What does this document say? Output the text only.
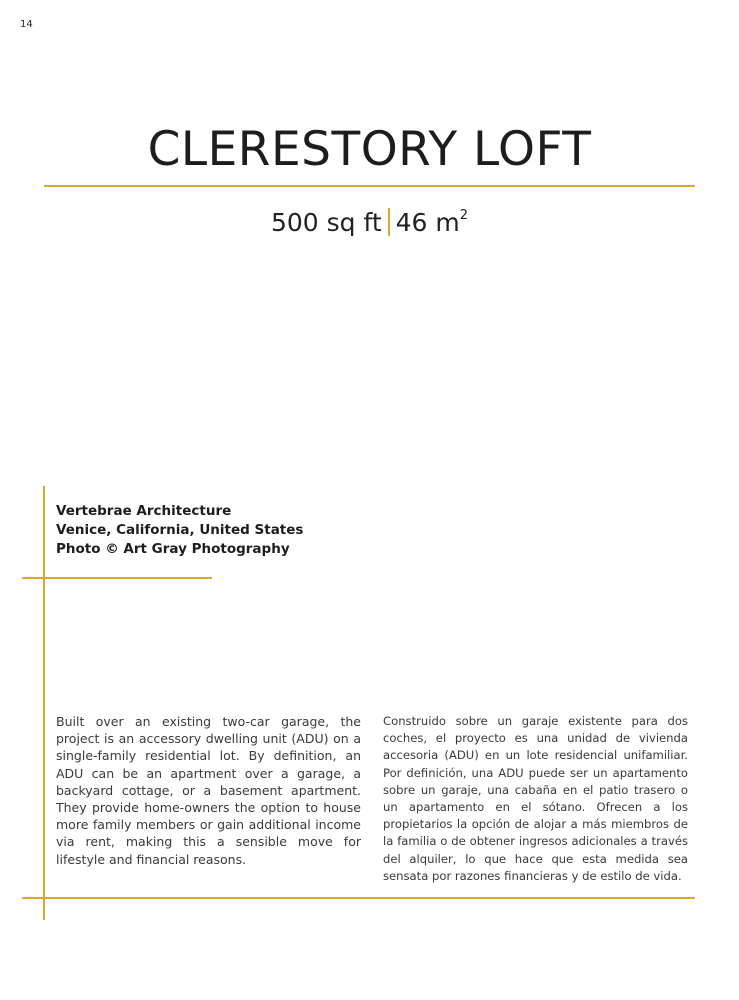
14
CLERESTORY LOFT
500 sq ft 46 $m^2$
Vertebrae Architecture
Venice, California, United States
Photo © Art Gray Photography
Built over an existing two-car garage, the project is an accessory dwelling unit (ADU) on a single-family residential lot. By definition, an ADU can be an apartment over a garage, a backyard cottage, or a basement apartment. They provide home-owners the option to house more family members or gain additional income via rent, making this a sensible move for lifestyle and financial reasons.
Construido sobre un garaje existente para dos coches, el proyecto es una unidad de vivienda accesoria (ADU) en un lote residencial unifamiliar. Por definición, una ADU puede ser un apartamento sobre un garaje, una cabaña en el patio trasero o un apartamento en el sótano. Ofrecen a los propietarios la opción de alojar a más miembros de la familia o de obtener ingresos adicionales a través del alquiler, lo que hace que esta medida sea sensata por razones financieras y de estilo de vida.
